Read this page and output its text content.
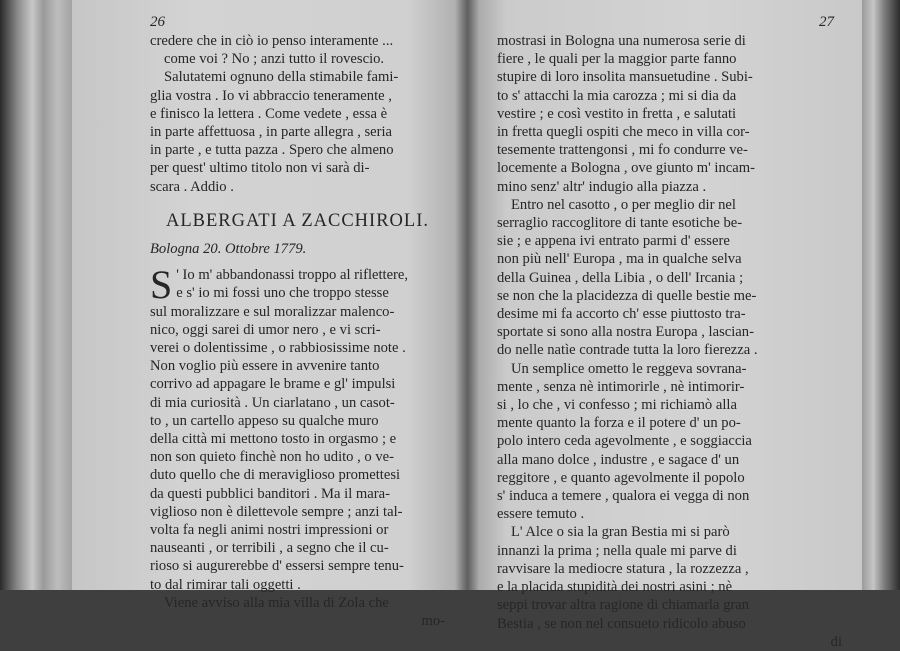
26
credere che in ciò io penso interamente ...
come voi ? No ; anzi tutto il rovescio.
Salutatemi ognuno della stimabile fami-
glia vostra . Io vi abbraccio teneramente ,
e finisco la lettera . Come vedete , essa è
in parte affettuosa , in parte allegra , seria
in parte , e tutta pazza . Spero che almeno
per quest' ultimo titolo non vi sarà di-
scara . Addio .
ALBERGATI A ZACCHIROLI.
Bologna 20. Ottobre 1779.
S ' Io m' abbandonassi troppo al riflettere,
e s' io mi fossi uno che troppo stesse
sul moralizzare e sul moralizzar malenco-
nico, oggi sarei di umor nero , e vi scri-
verei o dolentissime , o rabbiosissime note .
Non voglio più essere in avvenire tanto
corrivo ad appagare le brame e gl' impulsi
di mia curiosità . Un ciarlatano , un casot-
to , un cartello appeso su qualche muro
della città mi mettono tosto in orgasmo ; e
non son quieto finchè non ho udito , o ve-
duto quello che di meraviglioso promettesi
da questi pubblici banditori . Ma il mara-
viglioso non è dilettevole sempre ; anzi tal-
volta fa negli animi nostri impressioni or
nauseanti , or terribili , a segno che il cu-
rioso si augurerebbe d' essersi sempre tenu-
to dal rimirar tali oggetti .
Viene avviso alla mia villa di Zola che
mo-
27
mostrasi in Bologna una numerosa serie di
fiere , le quali per la maggior parte fanno
stupire di loro insolita mansuetudine . Subi-
to s' attacchi la mia carozza ; mi si dia da
vestire ; e così vestito in fretta , e salutati
in fretta quegli ospiti che meco in villa cor-
tesemente trattengonsi , mi fo condurre ve-
locemente a Bologna , ove giunto m' incam-
mino senz' altr' indugio alla piazza .
Entro nel casotto , o per meglio dir nel
serraglio raccoglitore di tante esotiche be-
sie ; e appena ivi entrato parmi d' essere
non più nell' Europa , ma in qualche selva
della Guinea , della Libia , o dell' Ircania ;
se non che la placidezza di quelle bestie me-
desime mi fa accorto ch' esse piuttosto tra-
sportate si sono alla nostra Europa , lascian-
do nelle natìe contrade tutta la loro fierezza .
Un semplice ometto le reggeva sovrana-
mente , senza nè intimorirle , nè intimorir-
si , lo che , vi confesso ; mi richiamò alla
mente quanto la forza e il potere d' un po-
polo intero ceda agevolmente , e soggiaccia
alla mano dolce , industre , e sagace d' un
reggitore , e quanto agevolmente il popolo
s' induca a temere , qualora ei vegga di non
essere temuto .
L' Alce o sia la gran Bestia mi si parò
innanzi la prima ; nella quale mi parve di
ravvisare la mediocre statura , la rozzezza ,
e la placida stupidità dei nostri asini ; nè
seppi trovar altra ragione di chiamarla gran
Bestia , se non nel consueto ridicolo abuso
di
